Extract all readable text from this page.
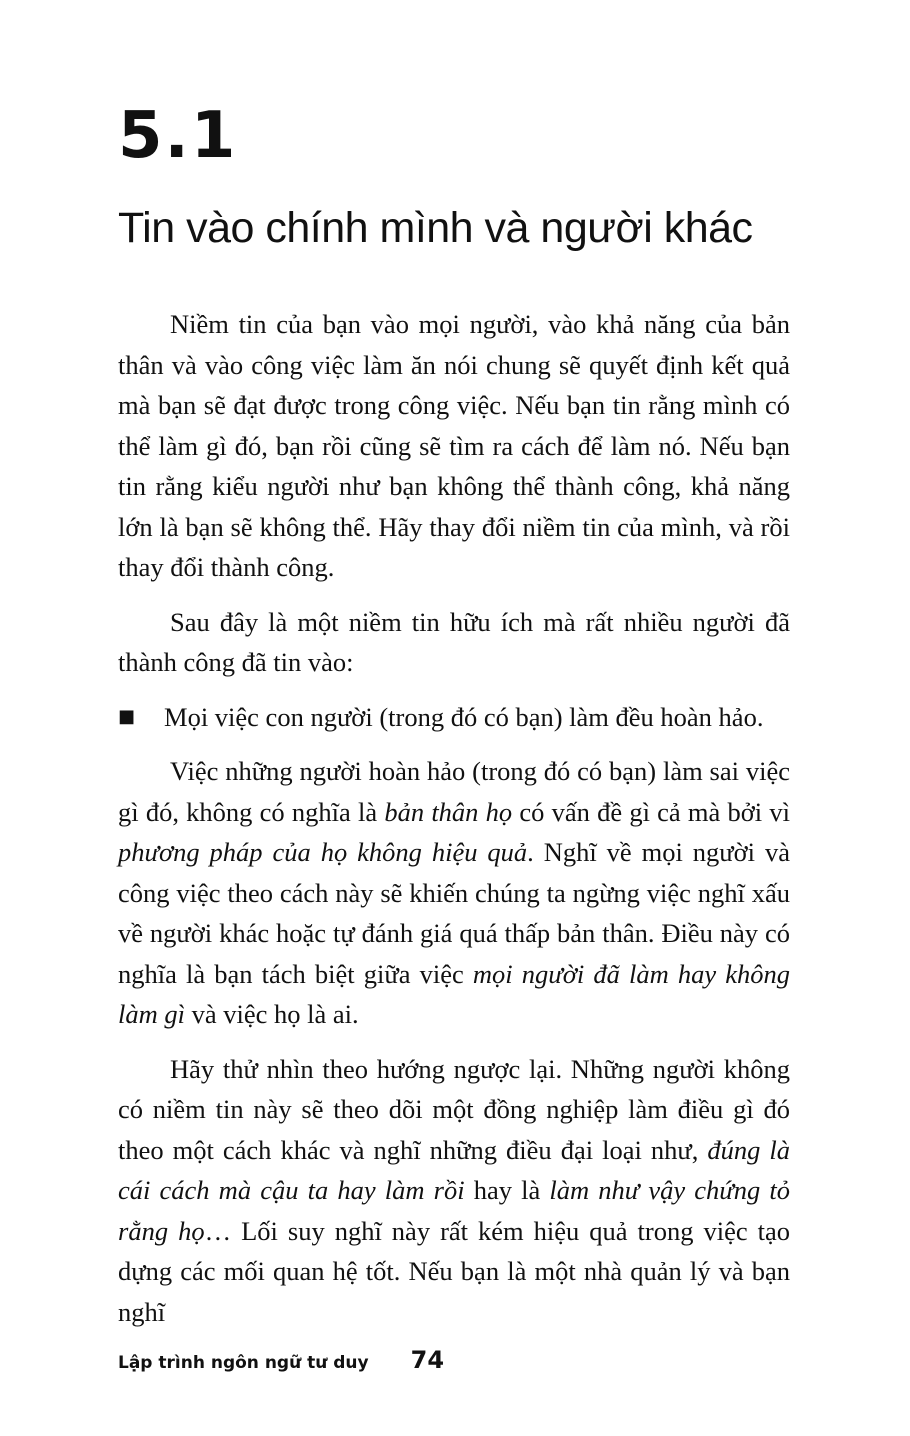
5.1
Tin vào chính mình và người khác

Niềm tin của bạn vào mọi người, vào khả năng của bản thân và vào công việc làm ăn nói chung sẽ quyết định kết quả mà bạn sẽ đạt được trong công việc. Nếu bạn tin rằng mình có thể làm gì đó, bạn rồi cũng sẽ tìm ra cách để làm nó. Nếu bạn tin rằng kiểu người như bạn không thể thành công, khả năng lớn là bạn sẽ không thể. Hãy thay đổi niềm tin của mình, và rồi thay đổi thành công.

Sau đây là một niềm tin hữu ích mà rất nhiều người đã thành công đã tin vào:

■	Mọi việc con người (trong đó có bạn) làm đều hoàn hảo.

Việc những người hoàn hảo (trong đó có bạn) làm sai việc gì đó, không có nghĩa là bản thân họ có vấn đề gì cả mà bởi vì phương pháp của họ không hiệu quả. Nghĩ về mọi người và công việc theo cách này sẽ khiến chúng ta ngừng việc nghĩ xấu về người khác hoặc tự đánh giá quá thấp bản thân. Điều này có nghĩa là bạn tách biệt giữa việc mọi người đã làm hay không làm gì và việc họ là ai.

Hãy thử nhìn theo hướng ngược lại. Những người không có niềm tin này sẽ theo dõi một đồng nghiệp làm điều gì đó theo một cách khác và nghĩ những điều đại loại như, đúng là cái cách mà cậu ta hay làm rồi hay là làm như vậy chứng tỏ rằng họ… Lối suy nghĩ này rất kém hiệu quả trong việc tạo dựng các mối quan hệ tốt. Nếu bạn là một nhà quản lý và bạn nghĩ

Lập trình ngôn ngữ tư duy 74
